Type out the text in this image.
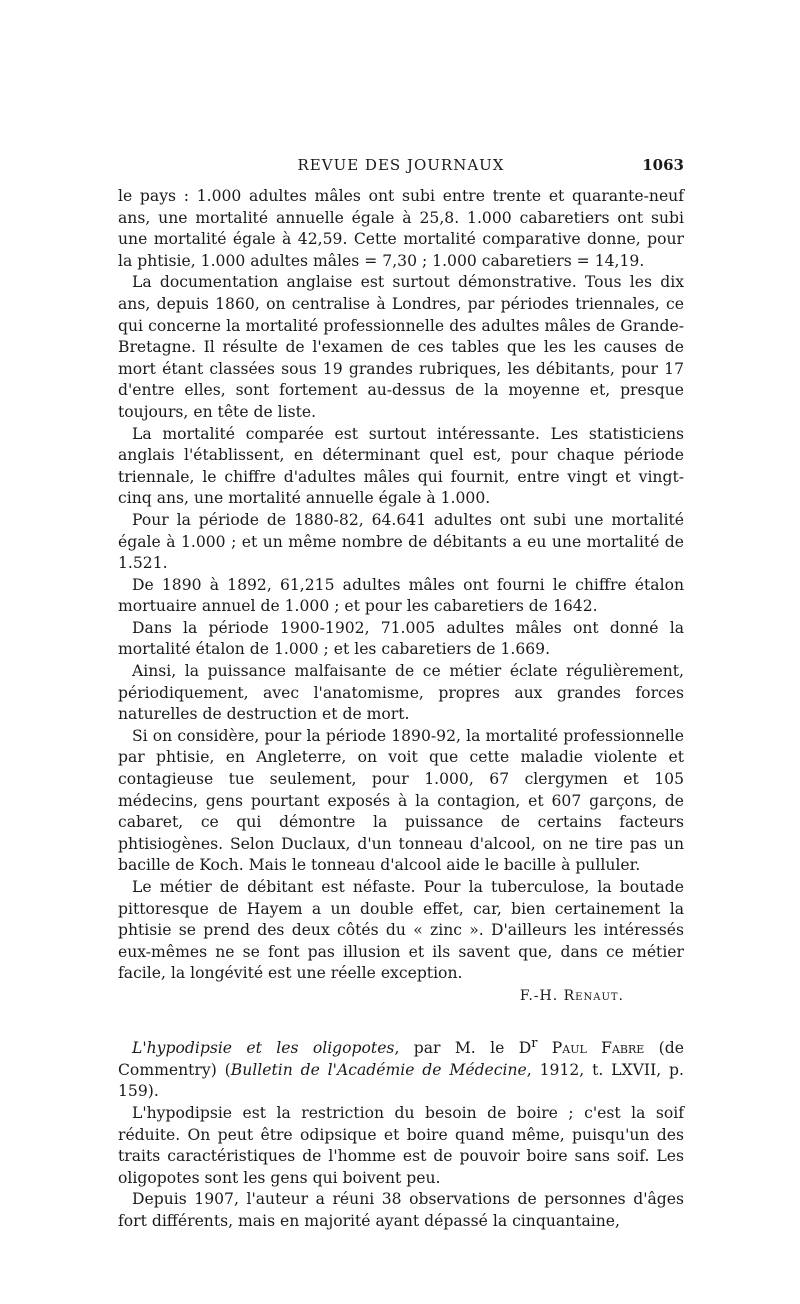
REVUE DES JOURNAUX	1063

le pays : 1.000 adultes mâles ont subi entre trente et quarante-neuf ans, une mortalité annuelle égale à 25,8. 1.000 cabaretiers ont subi une mortalité égale à 42,59. Cette mortalité comparative donne, pour la phtisie, 1.000 adultes mâles = 7,30 ; 1.000 cabaretiers = 14,19.

La documentation anglaise est surtout démonstrative. Tous les dix ans, depuis 1860, on centralise à Londres, par périodes triennales, ce qui concerne la mortalité professionnelle des adultes mâles de Grande-Bretagne. Il résulte de l'examen de ces tables que les les causes de mort étant classées sous 19 grandes rubriques, les débitants, pour 17 d'entre elles, sont fortement au-dessus de la moyenne et, presque toujours, en tête de liste.

La mortalité comparée est surtout intéressante. Les statisticiens anglais l'établissent, en déterminant quel est, pour chaque période triennale, le chiffre d'adultes mâles qui fournit, entre vingt et vingt-cinq ans, une mortalité annuelle égale à 1.000.

Pour la période de 1880-82, 64.641 adultes ont subi une mortalité égale à 1.000 ; et un même nombre de débitants a eu une mortalité de 1.521.

De 1890 à 1892, 61,215 adultes mâles ont fourni le chiffre étalon mortuaire annuel de 1.000 ; et pour les cabaretiers de 1642.

Dans la période 1900-1902, 71.005 adultes mâles ont donné la mortalité étalon de 1.000 ; et les cabaretiers de 1.669.

Ainsi, la puissance malfaisante de ce métier éclate régulièrement, périodiquement, avec l'anatomisme, propres aux grandes forces naturelles de destruction et de mort.

Si on considère, pour la période 1890-92, la mortalité professionnelle par phtisie, en Angleterre, on voit que cette maladie violente et contagieuse tue seulement, pour 1.000, 67 clergymen et 105 médecins, gens pourtant exposés à la contagion, et 607 garçons, de cabaret, ce qui démontre la puissance de certains facteurs phtisiogènes. Selon Duclaux, d'un tonneau d'alcool, on ne tire pas un bacille de Koch. Mais le tonneau d'alcool aide le bacille à pulluler.

Le métier de débitant est néfaste. Pour la tuberculose, la boutade pittoresque de Hayem a un double effet, car, bien certainement la phtisie se prend des deux côtés du « zinc ». D'ailleurs les intéressés eux-mêmes ne se font pas illusion et ils savent que, dans ce métier facile, la longévité est une réelle exception.

F.-H. Renaut.

L'hypodipsie et les oligopotes, par M. le $D^r$ Paul Fabre (de Commentry) (Bulletin de l'Académie de Médecine, 1912, t. LXVII, p. 159).

L'hypodipsie est la restriction du besoin de boire ; c'est la soif réduite. On peut être odipsique et boire quand même, puisqu'un des traits caractéristiques de l'homme est de pouvoir boire sans soif. Les oligopotes sont les gens qui boivent peu.

Depuis 1907, l'auteur a réuni 38 observations de personnes d'âges fort différents, mais en majorité ayant dépassé la cinquantaine,
